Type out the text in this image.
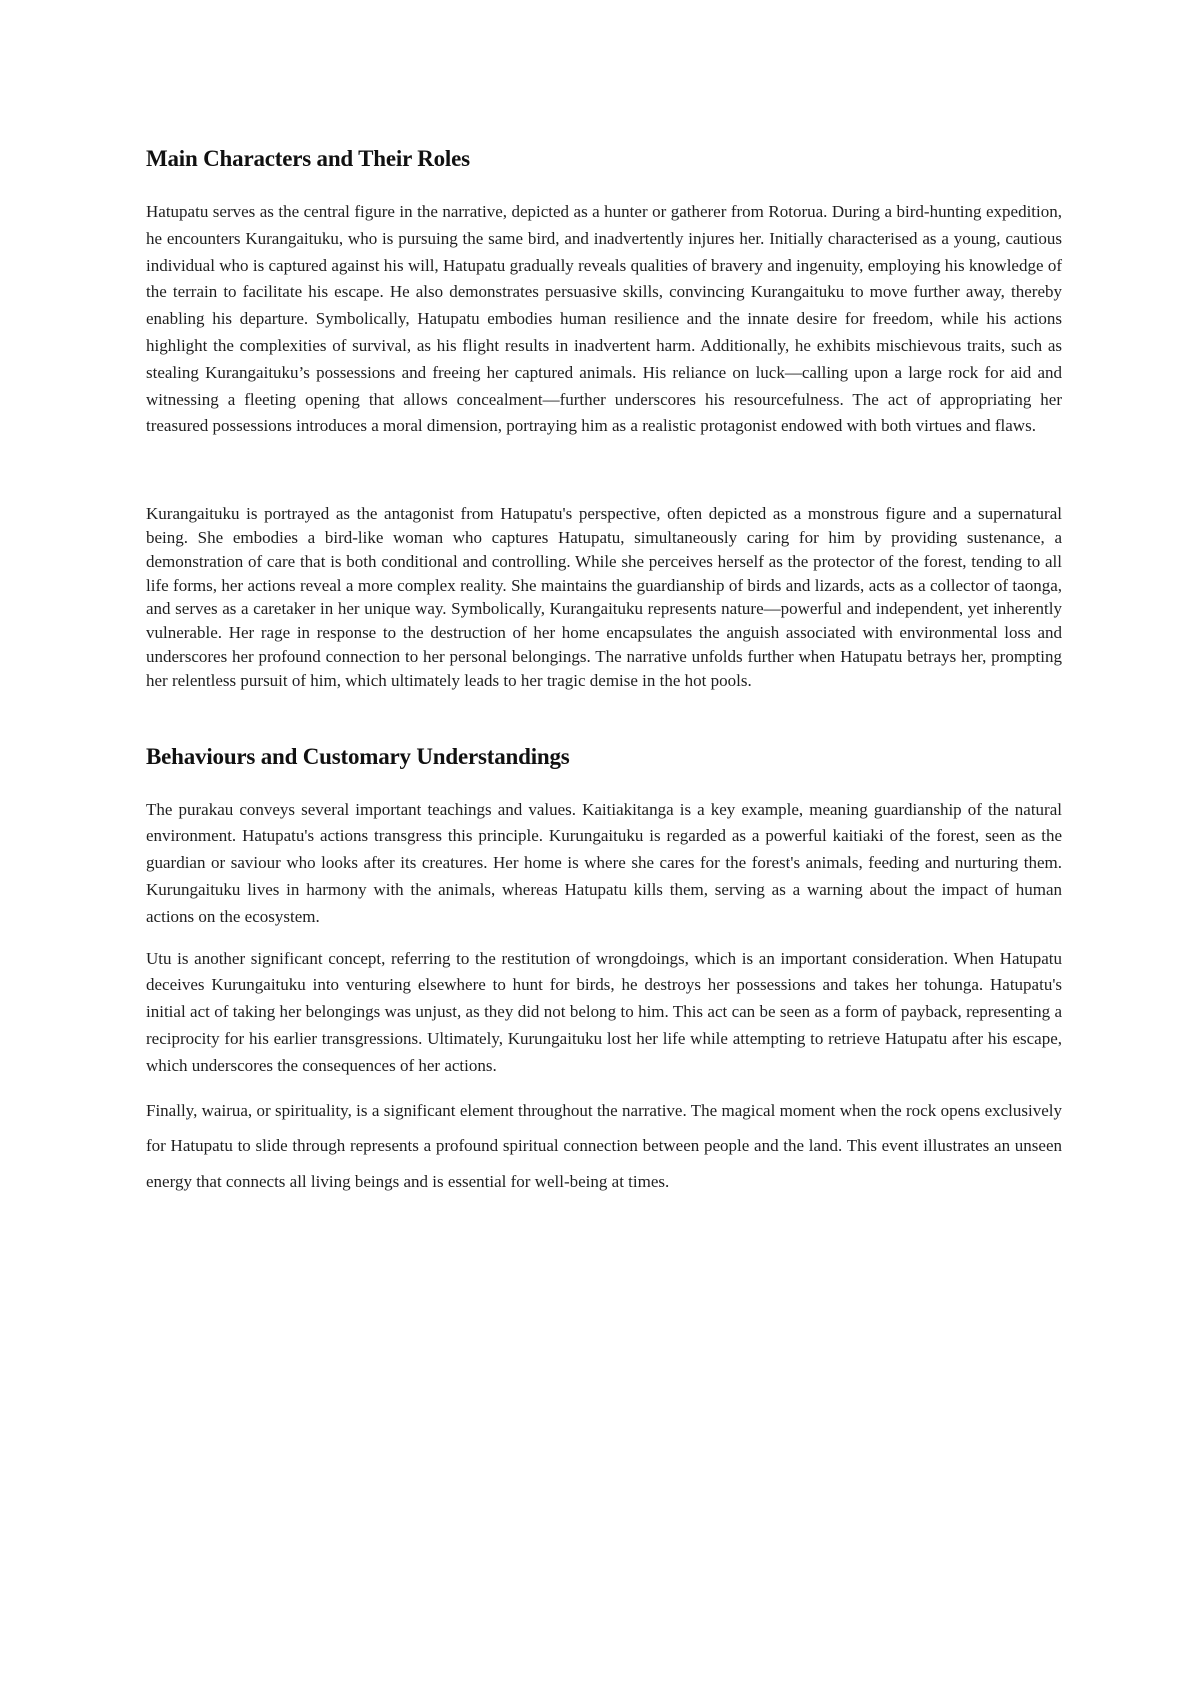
Main Characters and Their Roles

Hatupatu serves as the central figure in the narrative, depicted as a hunter or gatherer from Rotorua. During a bird-hunting expedition, he encounters Kurangaituku, who is pursuing the same bird, and inadvertently injures her. Initially characterised as a young, cautious individual who is captured against his will, Hatupatu gradually reveals qualities of bravery and ingenuity, employing his knowledge of the terrain to facilitate his escape. He also demonstrates persuasive skills, convincing Kurangaituku to move further away, thereby enabling his departure. Symbolically, Hatupatu embodies human resilience and the innate desire for freedom, while his actions highlight the complexities of survival, as his flight results in inadvertent harm. Additionally, he exhibits mischievous traits, such as stealing Kurangaituku’s possessions and freeing her captured animals. His reliance on luck—calling upon a large rock for aid and witnessing a fleeting opening that allows concealment—further underscores his resourcefulness. The act of appropriating her treasured possessions introduces a moral dimension, portraying him as a realistic protagonist endowed with both virtues and flaws.

Kurangaituku is portrayed as the antagonist from Hatupatu's perspective, often depicted as a monstrous figure and a supernatural being. She embodies a bird-like woman who captures Hatupatu, simultaneously caring for him by providing sustenance, a demonstration of care that is both conditional and controlling. While she perceives herself as the protector of the forest, tending to all life forms, her actions reveal a more complex reality. She maintains the guardianship of birds and lizards, acts as a collector of taonga, and serves as a caretaker in her unique way. Symbolically, Kurangaituku represents nature—powerful and independent, yet inherently vulnerable. Her rage in response to the destruction of her home encapsulates the anguish associated with environmental loss and underscores her profound connection to her personal belongings. The narrative unfolds further when Hatupatu betrays her, prompting her relentless pursuit of him, which ultimately leads to her tragic demise in the hot pools.

Behaviours and Customary Understandings

The purakau conveys several important teachings and values. Kaitiakitanga is a key example, meaning guardianship of the natural environment. Hatupatu's actions transgress this principle. Kurungaituku is regarded as a powerful kaitiaki of the forest, seen as the guardian or saviour who looks after its creatures. Her home is where she cares for the forest's animals, feeding and nurturing them. Kurungaituku lives in harmony with the animals, whereas Hatupatu kills them, serving as a warning about the impact of human actions on the ecosystem.

Utu is another significant concept, referring to the restitution of wrongdoings, which is an important consideration. When Hatupatu deceives Kurungaituku into venturing elsewhere to hunt for birds, he destroys her possessions and takes her tohunga. Hatupatu's initial act of taking her belongings was unjust, as they did not belong to him. This act can be seen as a form of payback, representing a reciprocity for his earlier transgressions. Ultimately, Kurungaituku lost her life while attempting to retrieve Hatupatu after his escape, which underscores the consequences of her actions.

Finally, wairua, or spirituality, is a significant element throughout the narrative. The magical moment when the rock opens exclusively for Hatupatu to slide through represents a profound spiritual connection between people and the land. This event illustrates an unseen energy that connects all living beings and is essential for well-being at times.
